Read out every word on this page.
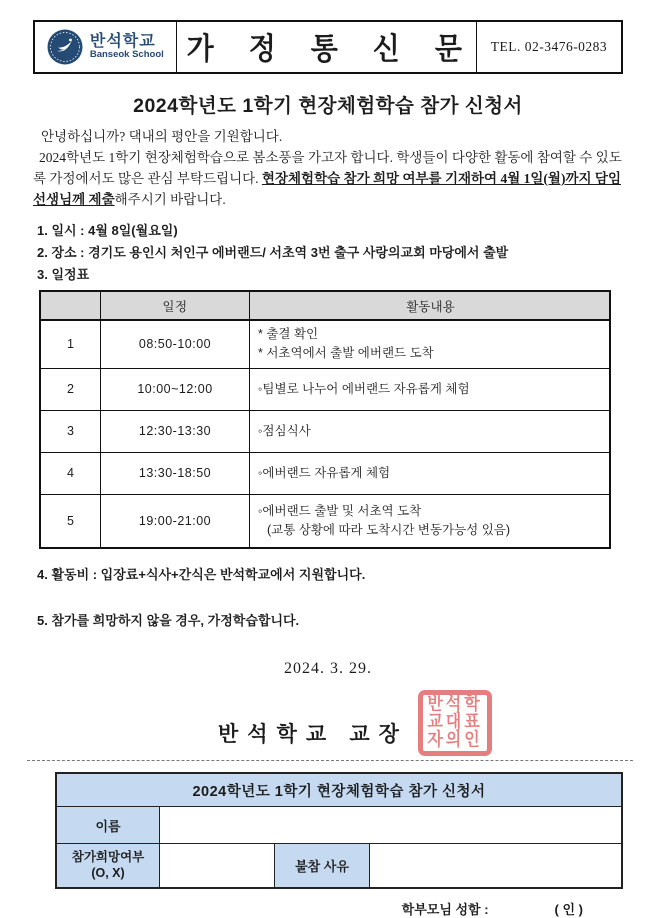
반석학교
Banseok School 가 정 통 신 문	TEL. 02-3476-0283
2024학년도 1학기 현장체험학습 참가 신청서
안녕하십니까? 댁내의 평안을 기원합니다.
2024학년도 1학기 현장체험학습으로 봄소풍을 가고자 합니다. 학생들이 다양한 활동에 참여할 수 있도록 가정에서도 많은 관심 부탁드립니다. 현장체험학습 참가 희망 여부를 기재하여 4월 1일(월)까지 담임선생님께 제출해주시기 바랍니다.
1. 일시 : 4월 8일(월요일)
2. 장소 : 경기도 용인시 처인구 에버랜드/ 서초역 3번 출구 사랑의교회 마당에서 출발
3. 일정표
	일정	활동내용
1	08:50-10:00	* 출결 확인
* 서초역에서 출발 에버랜드 도착

2	10:00~12:00	◦팀별로 나누어 에버랜드 자유롭게 체험

3	12:30-13:30	◦점심식사

4	13:30-18:50	◦에버랜드 자유롭게 체험

5	19:00-21:00	◦에버랜드 출발 및 서초역 도착
(교통 상황에 따라 도착시간 변동가능성 있음)
4. 활동비 : 입장료+식사+간식은 반석학교에서 지원합니다.
5. 참가를 희망하지 않을 경우, 가정학습합니다.
2024. 3. 29.
반석학교 교장
반석학
교대표
자의인
2024학년도 1학기 현장체험학습 참가 신청서			
이름			

참가희망여부
(O, X)		불참 사유	
학부모님 성함 :	( 인 )
